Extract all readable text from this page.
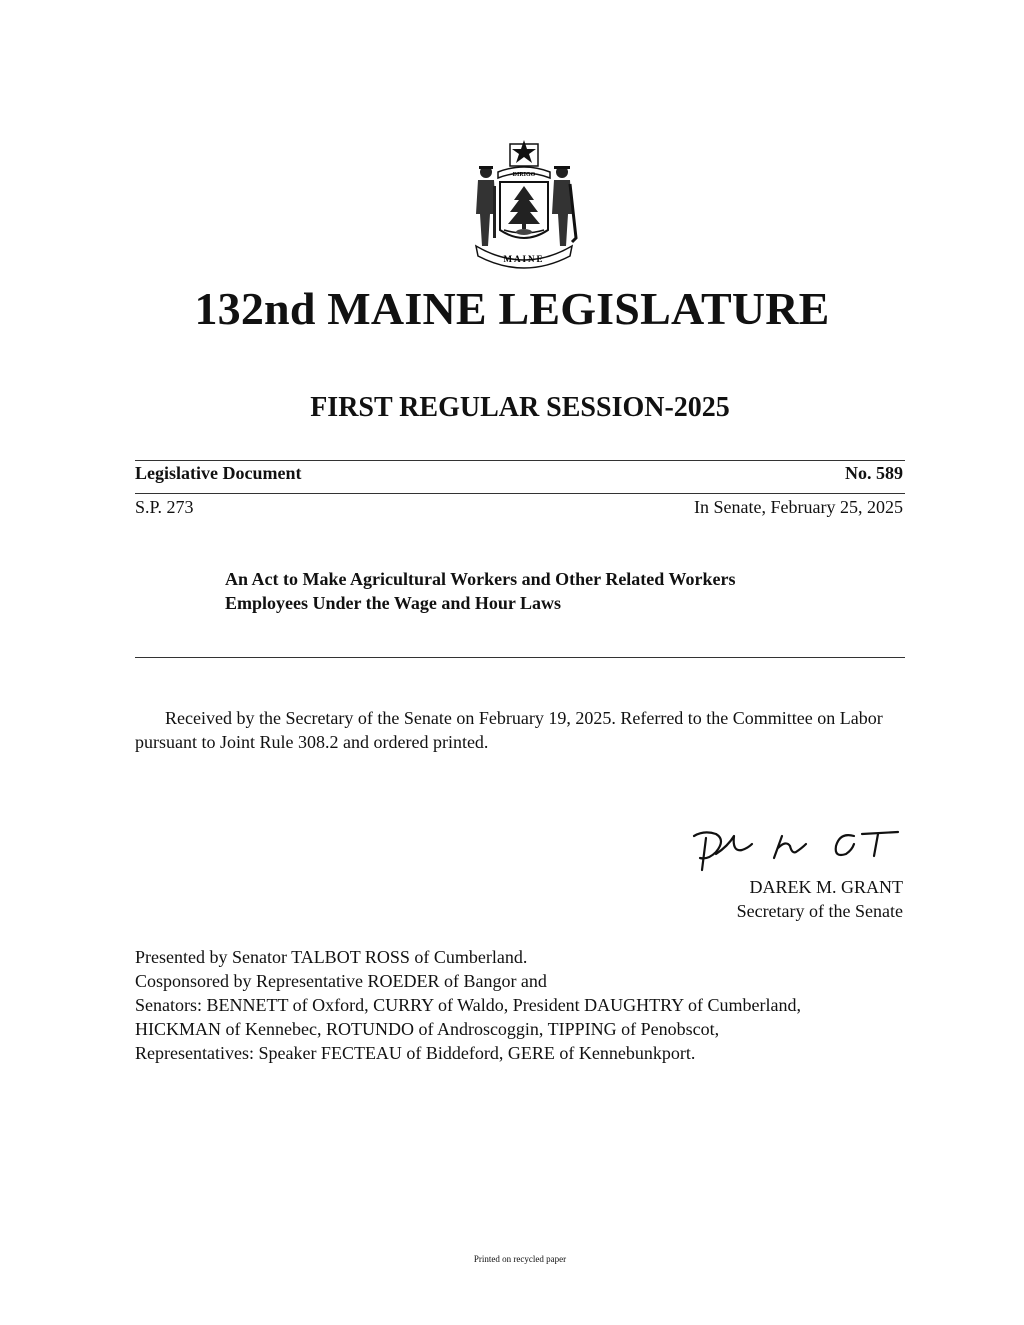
DIRIGO
MAINE
132nd MAINE LEGISLATURE
FIRST REGULAR SESSION-2025
Legislative Document	No. 589
S.P. 273	In Senate, February 25, 2025
An Act to Make Agricultural Workers and Other Related Workers
Employees Under the Wage and Hour Laws

Received by the Secretary of the Senate on February 19, 2025. Referred to the Committee on Labor pursuant to Joint Rule 308.2 and ordered printed.

DAREK M. GRANT
Secretary of the Senate
Presented by Senator TALBOT ROSS of Cumberland.
Cosponsored by Representative ROEDER of Bangor and
Senators: BENNETT of Oxford, CURRY of Waldo, President DAUGHTRY of Cumberland,
HICKMAN of Kennebec, ROTUNDO of Androscoggin, TIPPING of Penobscot,
Representatives: Speaker FECTEAU of Biddeford, GERE of Kennebunkport.
Printed on recycled paper
